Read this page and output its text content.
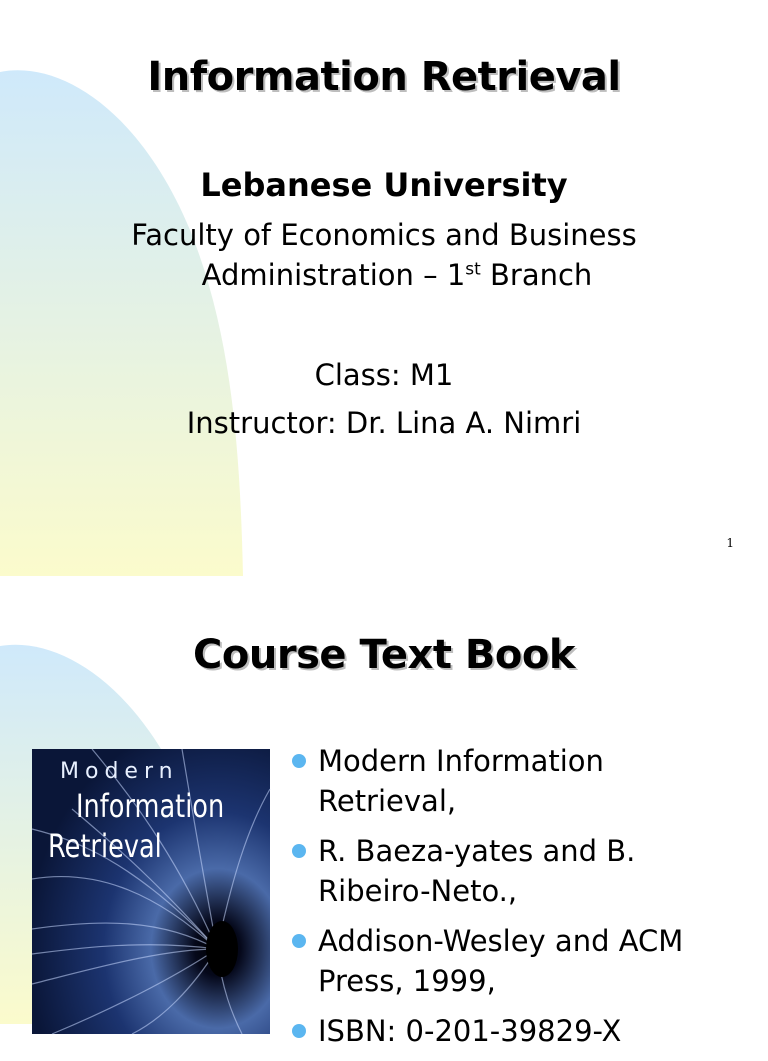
Information Retrieval
Lebanese University
Faculty of Economics and Business
Administration – 1st Branch
Class: M1
Instructor: Dr. Lina A. Nimri
1
Course Text Book
Modern
Information
Retrieval
Modern Information Retrieval,
R. Baeza-yates and B. Ribeiro-Neto.,
Addison-Wesley and ACM Press, 1999,
ISBN: 0-201-39829-X
